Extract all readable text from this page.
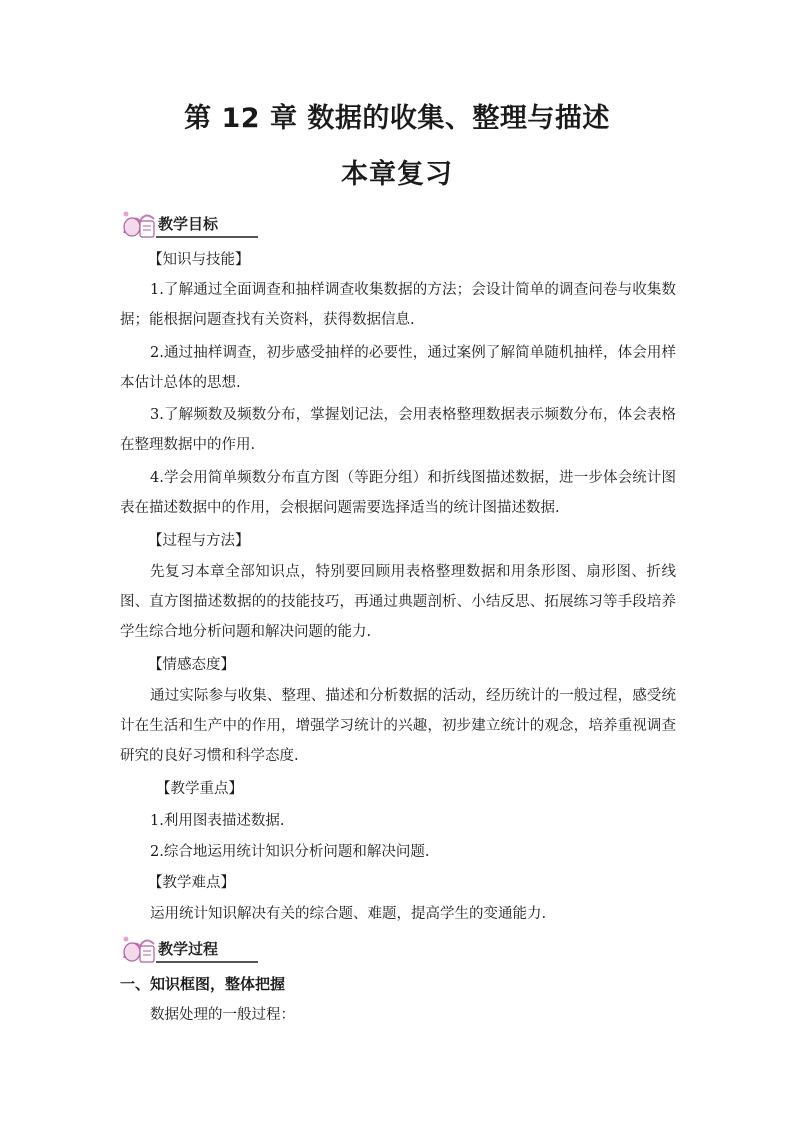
第 12 章 数据的收集、整理与描述
本章复习
教学目标
【知识与技能】
1.了解通过全面调查和抽样调查收集数据的方法；会设计简单的调查问卷与收集数据；能根据问题查找有关资料，获得数据信息.
2.通过抽样调查，初步感受抽样的必要性，通过案例了解简单随机抽样，体会用样本估计总体的思想.
3.了解频数及频数分布，掌握划记法，会用表格整理数据表示频数分布，体会表格在整理数据中的作用.
4.学会用简单频数分布直方图（等距分组）和折线图描述数据，进一步体会统计图表在描述数据中的作用，会根据问题需要选择适当的统计图描述数据.
【过程与方法】
先复习本章全部知识点，特别要回顾用表格整理数据和用条形图、扇形图、折线图、直方图描述数据的的技能技巧，再通过典题剖析、小结反思、拓展练习等手段培养学生综合地分析问题和解决问题的能力.
【情感态度】
通过实际参与收集、整理、描述和分析数据的活动，经历统计的一般过程，感受统计在生活和生产中的作用，增强学习统计的兴趣，初步建立统计的观念，培养重视调查研究的良好习惯和科学态度.
【教学重点】
1.利用图表描述数据.
2.综合地运用统计知识分析问题和解决问题.
【教学难点】
运用统计知识解决有关的综合题、难题，提高学生的变通能力.
教学过程
一、知识框图，整体把握
数据处理的一般过程：
